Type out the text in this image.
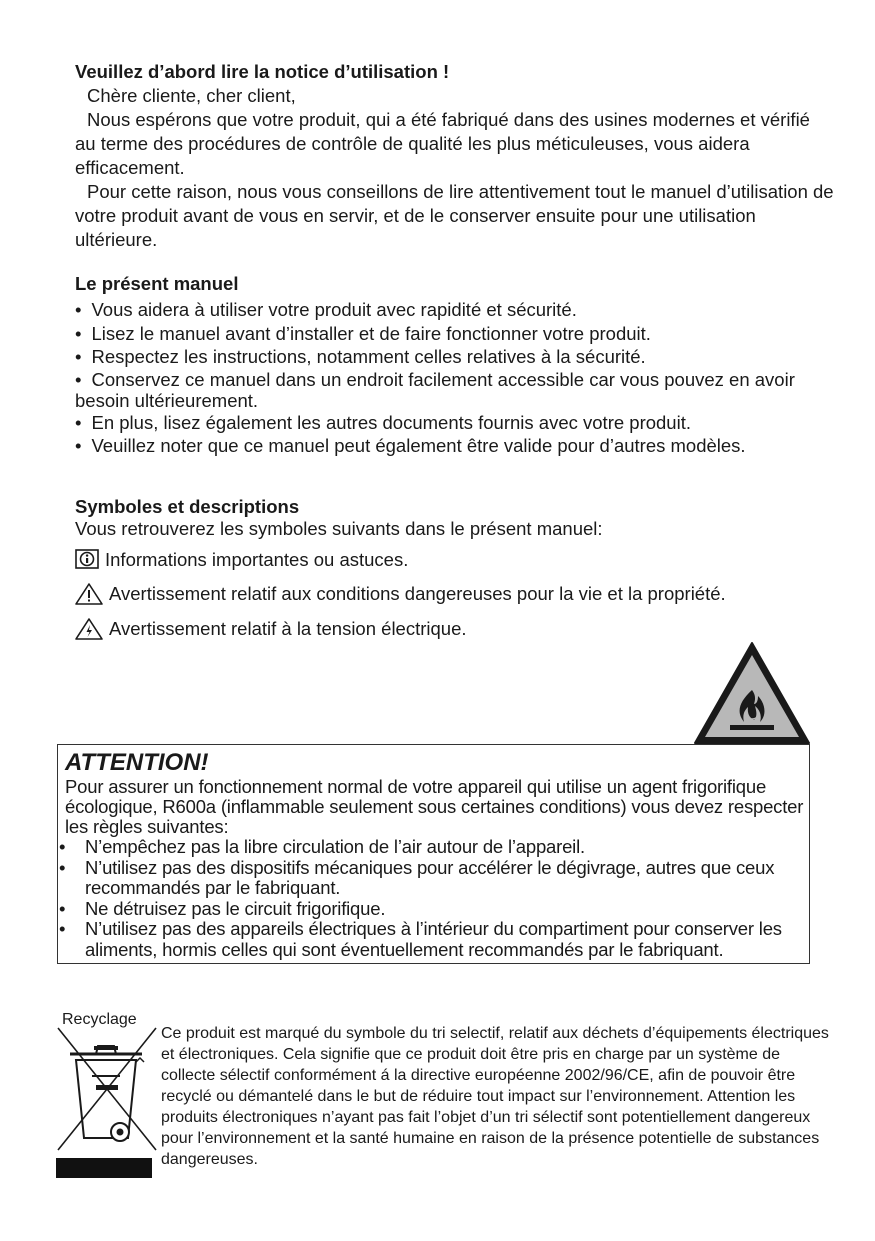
Veuillez d’abord lire la notice d’utilisation !

Chère cliente, cher client,

Nous espérons que votre produit, qui a été fabriqué dans des usines modernes et vérifié au terme des procédures de contrôle de qualité les plus méticuleuses, vous aidera efficacement.

Pour cette raison, nous vous conseillons de lire attentivement tout le manuel d’utilisation de votre produit avant de vous en servir, et de le conserver ensuite pour une utilisation ultérieure.

Le présent manuel

• Vous aidera à utiliser votre produit avec rapidité et sécurité.
• Lisez le manuel avant d’installer et de faire fonctionner votre produit.
• Respectez les instructions, notamment celles relatives à la sécurité.
• Conservez ce manuel dans un endroit facilement accessible car vous pouvez en avoir besoin ultérieurement.
• En plus, lisez également les autres documents fournis avec votre produit.
• Veuillez noter que ce manuel peut également être valide pour d’autres modèles.

Symboles et descriptions

Vous retrouverez les symboles suivants dans le présent manuel:

Informations importantes ou astuces.
Avertissement relatif aux conditions dangereuses pour la vie et la propriété.
Avertissement relatif à la tension électrique.

ATTENTION!

Pour assurer un fonctionnement normal de votre appareil qui utilise un agent frigorifique écologique, R600a (inflammable seulement sous certaines conditions) vous devez respecter les règles suivantes:

• N’empêchez pas la libre circulation de l’air autour de l’appareil.
• N’utilisez pas des dispositifs mécaniques pour accélérer le dégivrage, autres que ceux recommandés par le fabriquant.
• Ne détruisez pas le circuit frigorifique.
• N’utilisez pas des appareils électriques à l’intérieur du compartiment pour conserver les aliments, hormis celles qui sont éventuellement recommandés par le fabriquant.
Recyclage

Ce produit est marqué du symbole du tri selectif, relatif aux déchets d’équipements électriques et électroniques. Cela signifie que ce produit doit être pris en charge par un système de collecte sélectif conformément á la directive européenne 2002/96/CE, afin de pouvoir être recyclé ou démantelé dans le but de réduire tout impact sur l’environnement. Attention les produits électroniques n’ayant pas fait l’objet d’un tri sélectif sont potentiellement dangereux pour l’environnement et la santé humaine en raison de la présence potentielle de substances dangereuses.
